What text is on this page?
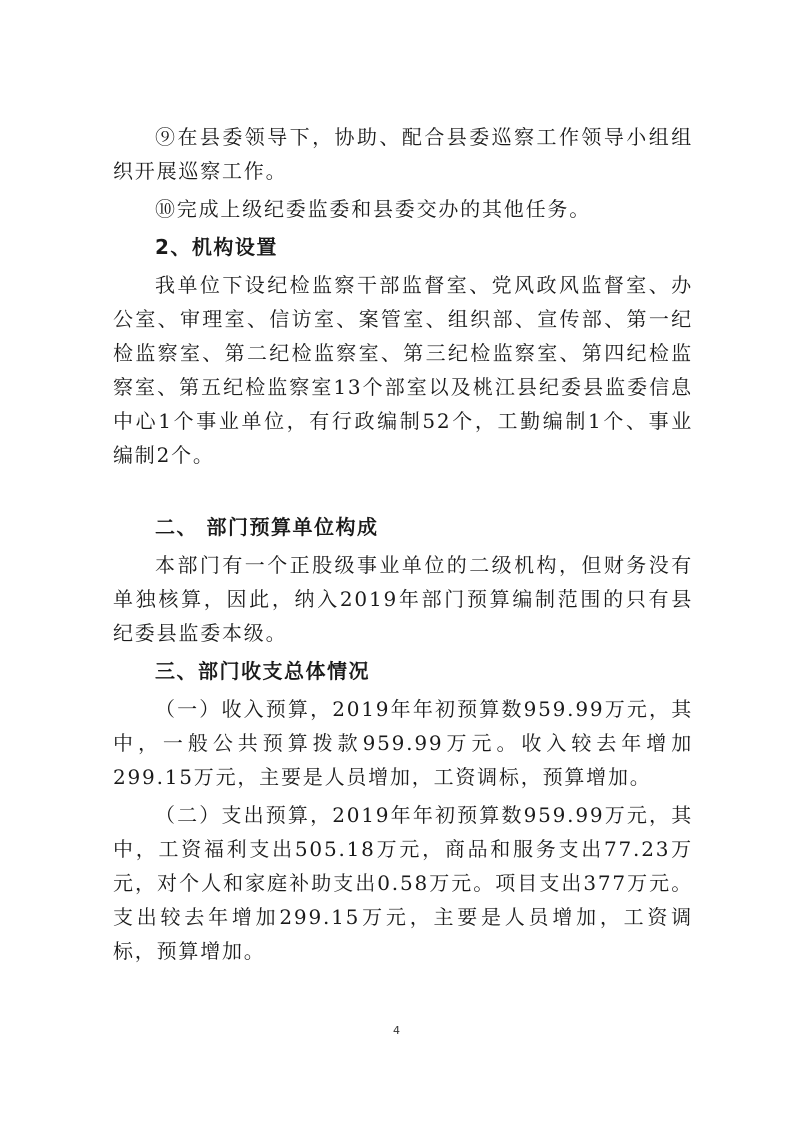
⑨在县委领导下，协助、配合县委巡察工作领导小组组织开展巡察工作。

⑩完成上级纪委监委和县委交办的其他任务。

2、机构设置

我单位下设纪检监察干部监督室、党风政风监督室、办公室、审理室、信访室、案管室、组织部、宣传部、第一纪检监察室、第二纪检监察室、第三纪检监察室、第四纪检监察室、第五纪检监察室13个部室以及桃江县纪委县监委信息中心1个事业单位，有行政编制52个，工勤编制1个、事业编制2个。

二、 部门预算单位构成

本部门有一个正股级事业单位的二级机构，但财务没有单独核算，因此，纳入2019年部门预算编制范围的只有县纪委县监委本级。

三、部门收支总体情况

（一）收入预算，2019年年初预算数959.99万元，其中，一般公共预算拨款959.99万元。收入较去年增加299.15万元，主要是人员增加，工资调标，预算增加。

（二）支出预算，2019年年初预算数959.99万元，其中，工资福利支出505.18万元，商品和服务支出77.23万元，对个人和家庭补助支出0.58万元。项目支出377万元。支出较去年增加299.15万元，主要是人员增加，工资调标，预算增加。

4
